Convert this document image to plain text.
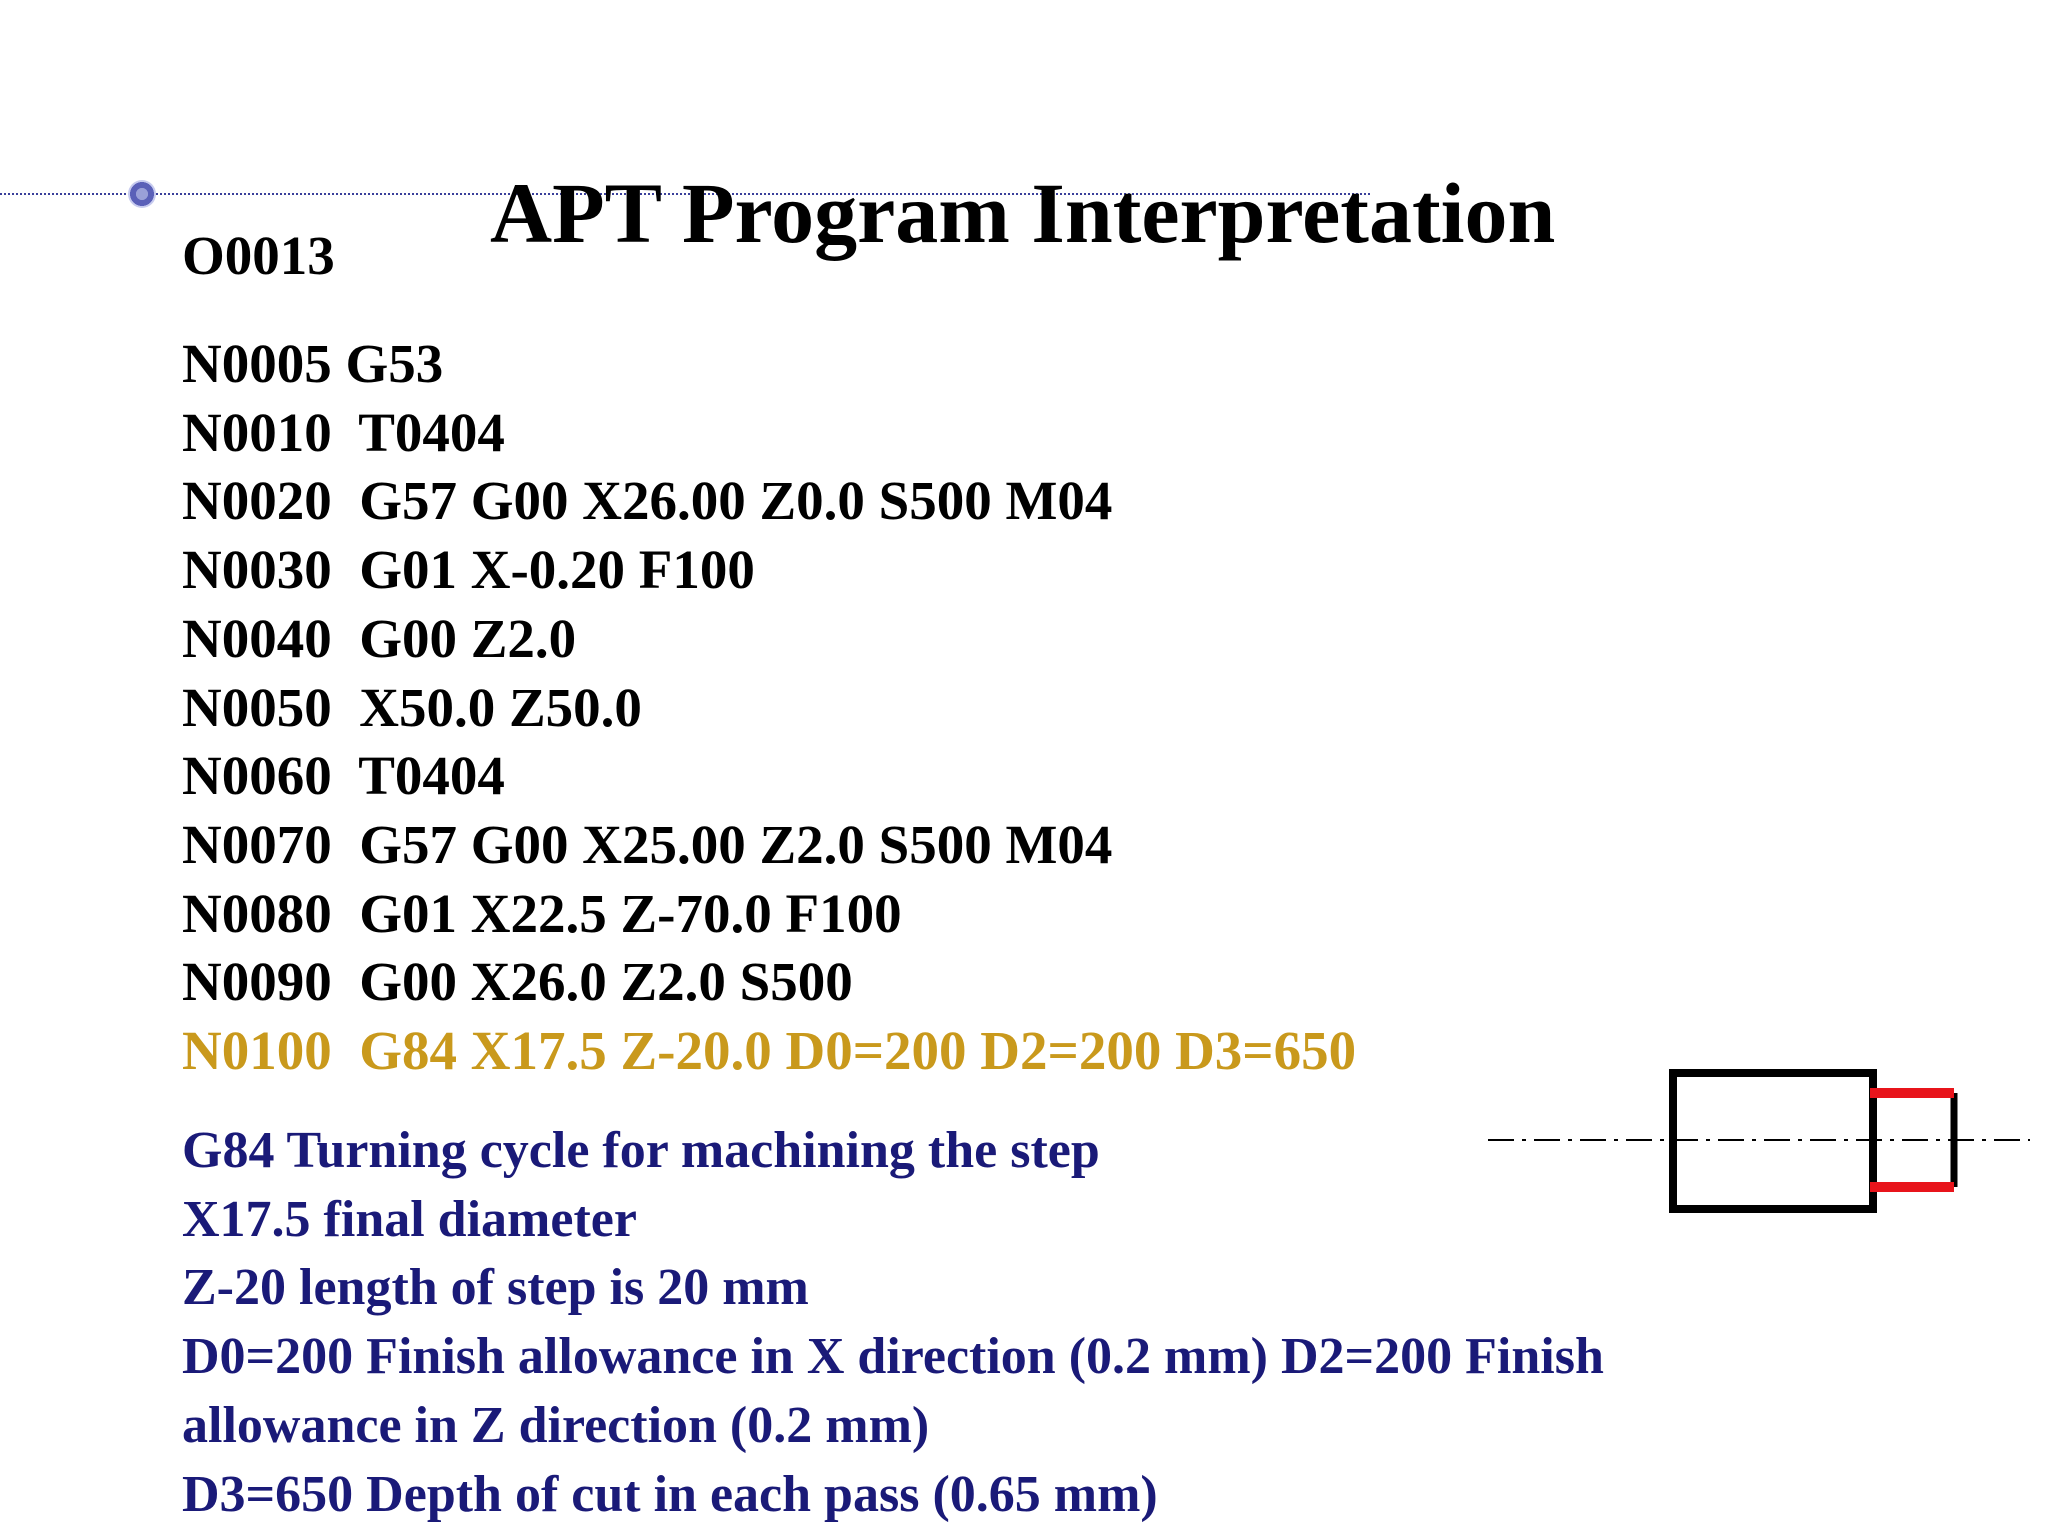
APT Program Interpretation
O0013
N0005 G53
N0010  T0404
N0020  G57 G00 X26.00 Z0.0 S500 M04
N0030  G01 X-0.20 F100
N0040  G00 Z2.0
N0050  X50.0 Z50.0
N0060  T0404
N0070  G57 G00 X25.00 Z2.0 S500 M04
N0080  G01 X22.5 Z-70.0 F100
N0090  G00 X26.0 Z2.0 S500
N0100  G84 X17.5 Z-20.0 D0=200 D2=200 D3=650
G84 Turning cycle for machining the step
X17.5 final diameter
Z-20 length of step is 20 mm
D0=200 Finish allowance in X direction (0.2 mm) D2=200 Finish
allowance in Z direction (0.2 mm)
D3=650 Depth of cut in each pass (0.65 mm)
